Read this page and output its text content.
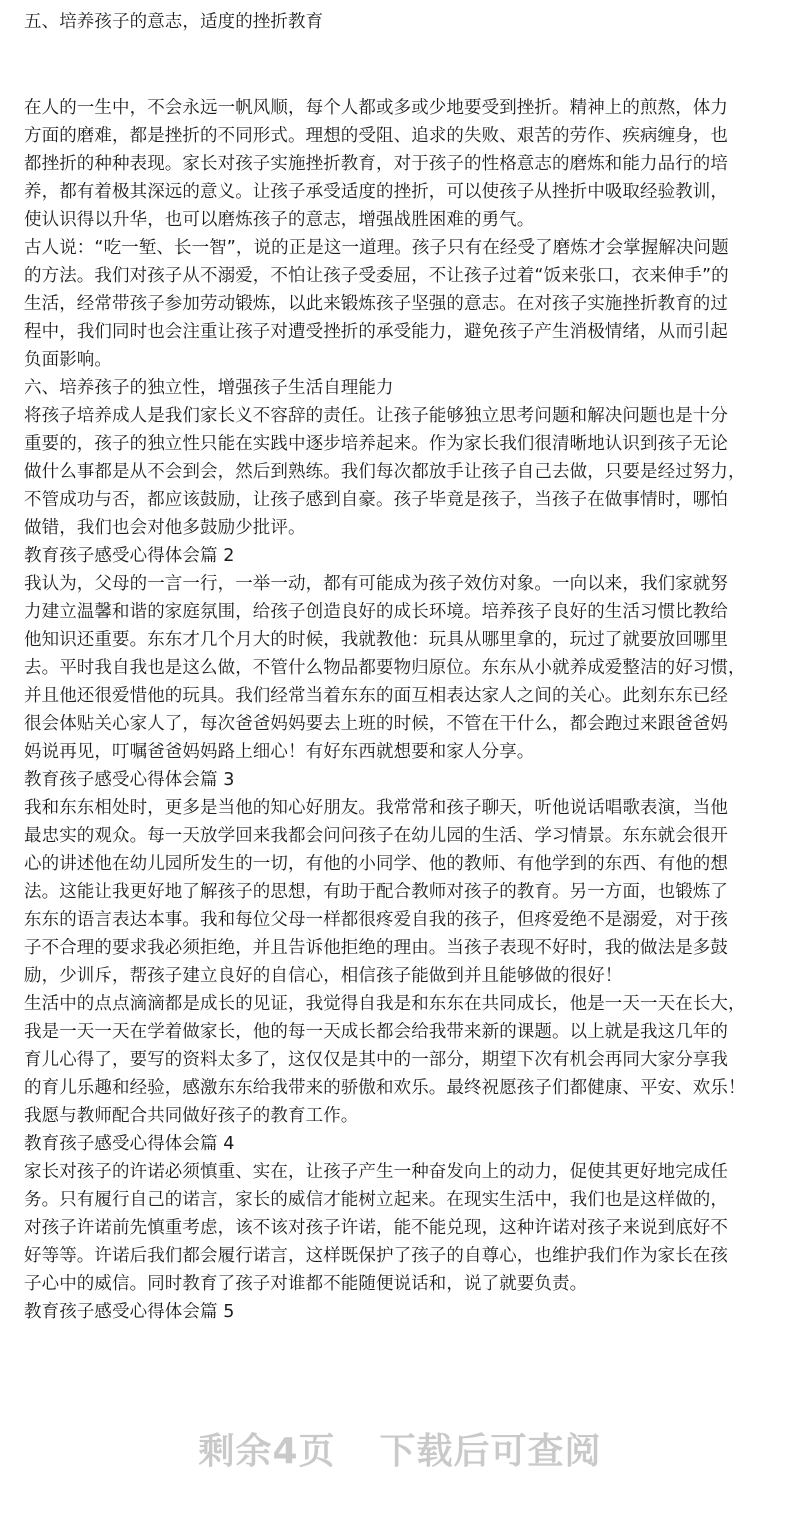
五、培养孩子的意志，适度的挫折教育

在人的一生中，不会永远一帆风顺，每个人都或多或少地要受到挫折。精神上的煎熬，体力

方面的磨难，都是挫折的不同形式。理想的受阻、追求的失败、艰苦的劳作、疾病缠身，也

都挫折的种种表现。家长对孩子实施挫折教育，对于孩子的性格意志的磨炼和能力品行的培

养，都有着极其深远的意义。让孩子承受适度的挫折，可以使孩子从挫折中吸取经验教训，

使认识得以升华，也可以磨炼孩子的意志，增强战胜困难的勇气。

古人说：“吃一堑、长一智”，说的正是这一道理。孩子只有在经受了磨炼才会掌握解决问题

的方法。我们对孩子从不溺爱，不怕让孩子受委屈，不让孩子过着“饭来张口，衣来伸手”的

生活，经常带孩子参加劳动锻炼，以此来锻炼孩子坚强的意志。在对孩子实施挫折教育的过

程中，我们同时也会注重让孩子对遭受挫折的承受能力，避免孩子产生消极情绪，从而引起

负面影响。

六、培养孩子的独立性，增强孩子生活自理能力

将孩子培养成人是我们家长义不容辞的责任。让孩子能够独立思考问题和解决问题也是十分

重要的，孩子的独立性只能在实践中逐步培养起来。作为家长我们很清晰地认识到孩子无论

做什么事都是从不会到会，然后到熟练。我们每次都放手让孩子自己去做，只要是经过努力，

不管成功与否，都应该鼓励，让孩子感到自豪。孩子毕竟是孩子，当孩子在做事情时，哪怕

做错，我们也会对他多鼓励少批评。

教育孩子感受心得体会篇 2

我认为，父母的一言一行，一举一动，都有可能成为孩子效仿对象。一向以来，我们家就努

力建立温馨和谐的家庭氛围，给孩子创造良好的成长环境。培养孩子良好的生活习惯比教给

他知识还重要。东东才几个月大的时候，我就教他：玩具从哪里拿的，玩过了就要放回哪里

去。平时我自我也是这么做，不管什么物品都要物归原位。东东从小就养成爱整洁的好习惯，

并且他还很爱惜他的玩具。我们经常当着东东的面互相表达家人之间的关心。此刻东东已经

很会体贴关心家人了，每次爸爸妈妈要去上班的时候，不管在干什么，都会跑过来跟爸爸妈

妈说再见，叮嘱爸爸妈妈路上细心！有好东西就想要和家人分享。

教育孩子感受心得体会篇 3

我和东东相处时，更多是当他的知心好朋友。我常常和孩子聊天，听他说话唱歌表演，当他

最忠实的观众。每一天放学回来我都会问问孩子在幼儿园的生活、学习情景。东东就会很开

心的讲述他在幼儿园所发生的一切，有他的小同学、他的教师、有他学到的东西、有他的想

法。这能让我更好地了解孩子的思想，有助于配合教师对孩子的教育。另一方面，也锻炼了

东东的语言表达本事。我和每位父母一样都很疼爱自我的孩子，但疼爱绝不是溺爱，对于孩

子不合理的要求我必须拒绝，并且告诉他拒绝的理由。当孩子表现不好时，我的做法是多鼓

励，少训斥，帮孩子建立良好的自信心，相信孩子能做到并且能够做的很好！

生活中的点点滴滴都是成长的见证，我觉得自我是和东东在共同成长，他是一天一天在长大，

我是一天一天在学着做家长，他的每一天成长都会给我带来新的课题。以上就是我这几年的

育儿心得了，要写的资料太多了，这仅仅是其中的一部分，期望下次有机会再同大家分享我

的育儿乐趣和经验，感激东东给我带来的骄傲和欢乐。最终祝愿孩子们都健康、平安、欢乐！

我愿与教师配合共同做好孩子的教育工作。

教育孩子感受心得体会篇 4

家长对孩子的许诺必须慎重、实在，让孩子产生一种奋发向上的动力，促使其更好地完成任

务。只有履行自己的诺言，家长的威信才能树立起来。在现实生活中，我们也是这样做的，

对孩子许诺前先慎重考虑，该不该对孩子许诺，能不能兑现，这种许诺对孩子来说到底好不

好等等。许诺后我们都会履行诺言，这样既保护了孩子的自尊心，也维护我们作为家长在孩

子心中的威信。同时教育了孩子对谁都不能随便说话和，说了就要负责。

教育孩子感受心得体会篇 5

剩余4页 下载后可查阅
